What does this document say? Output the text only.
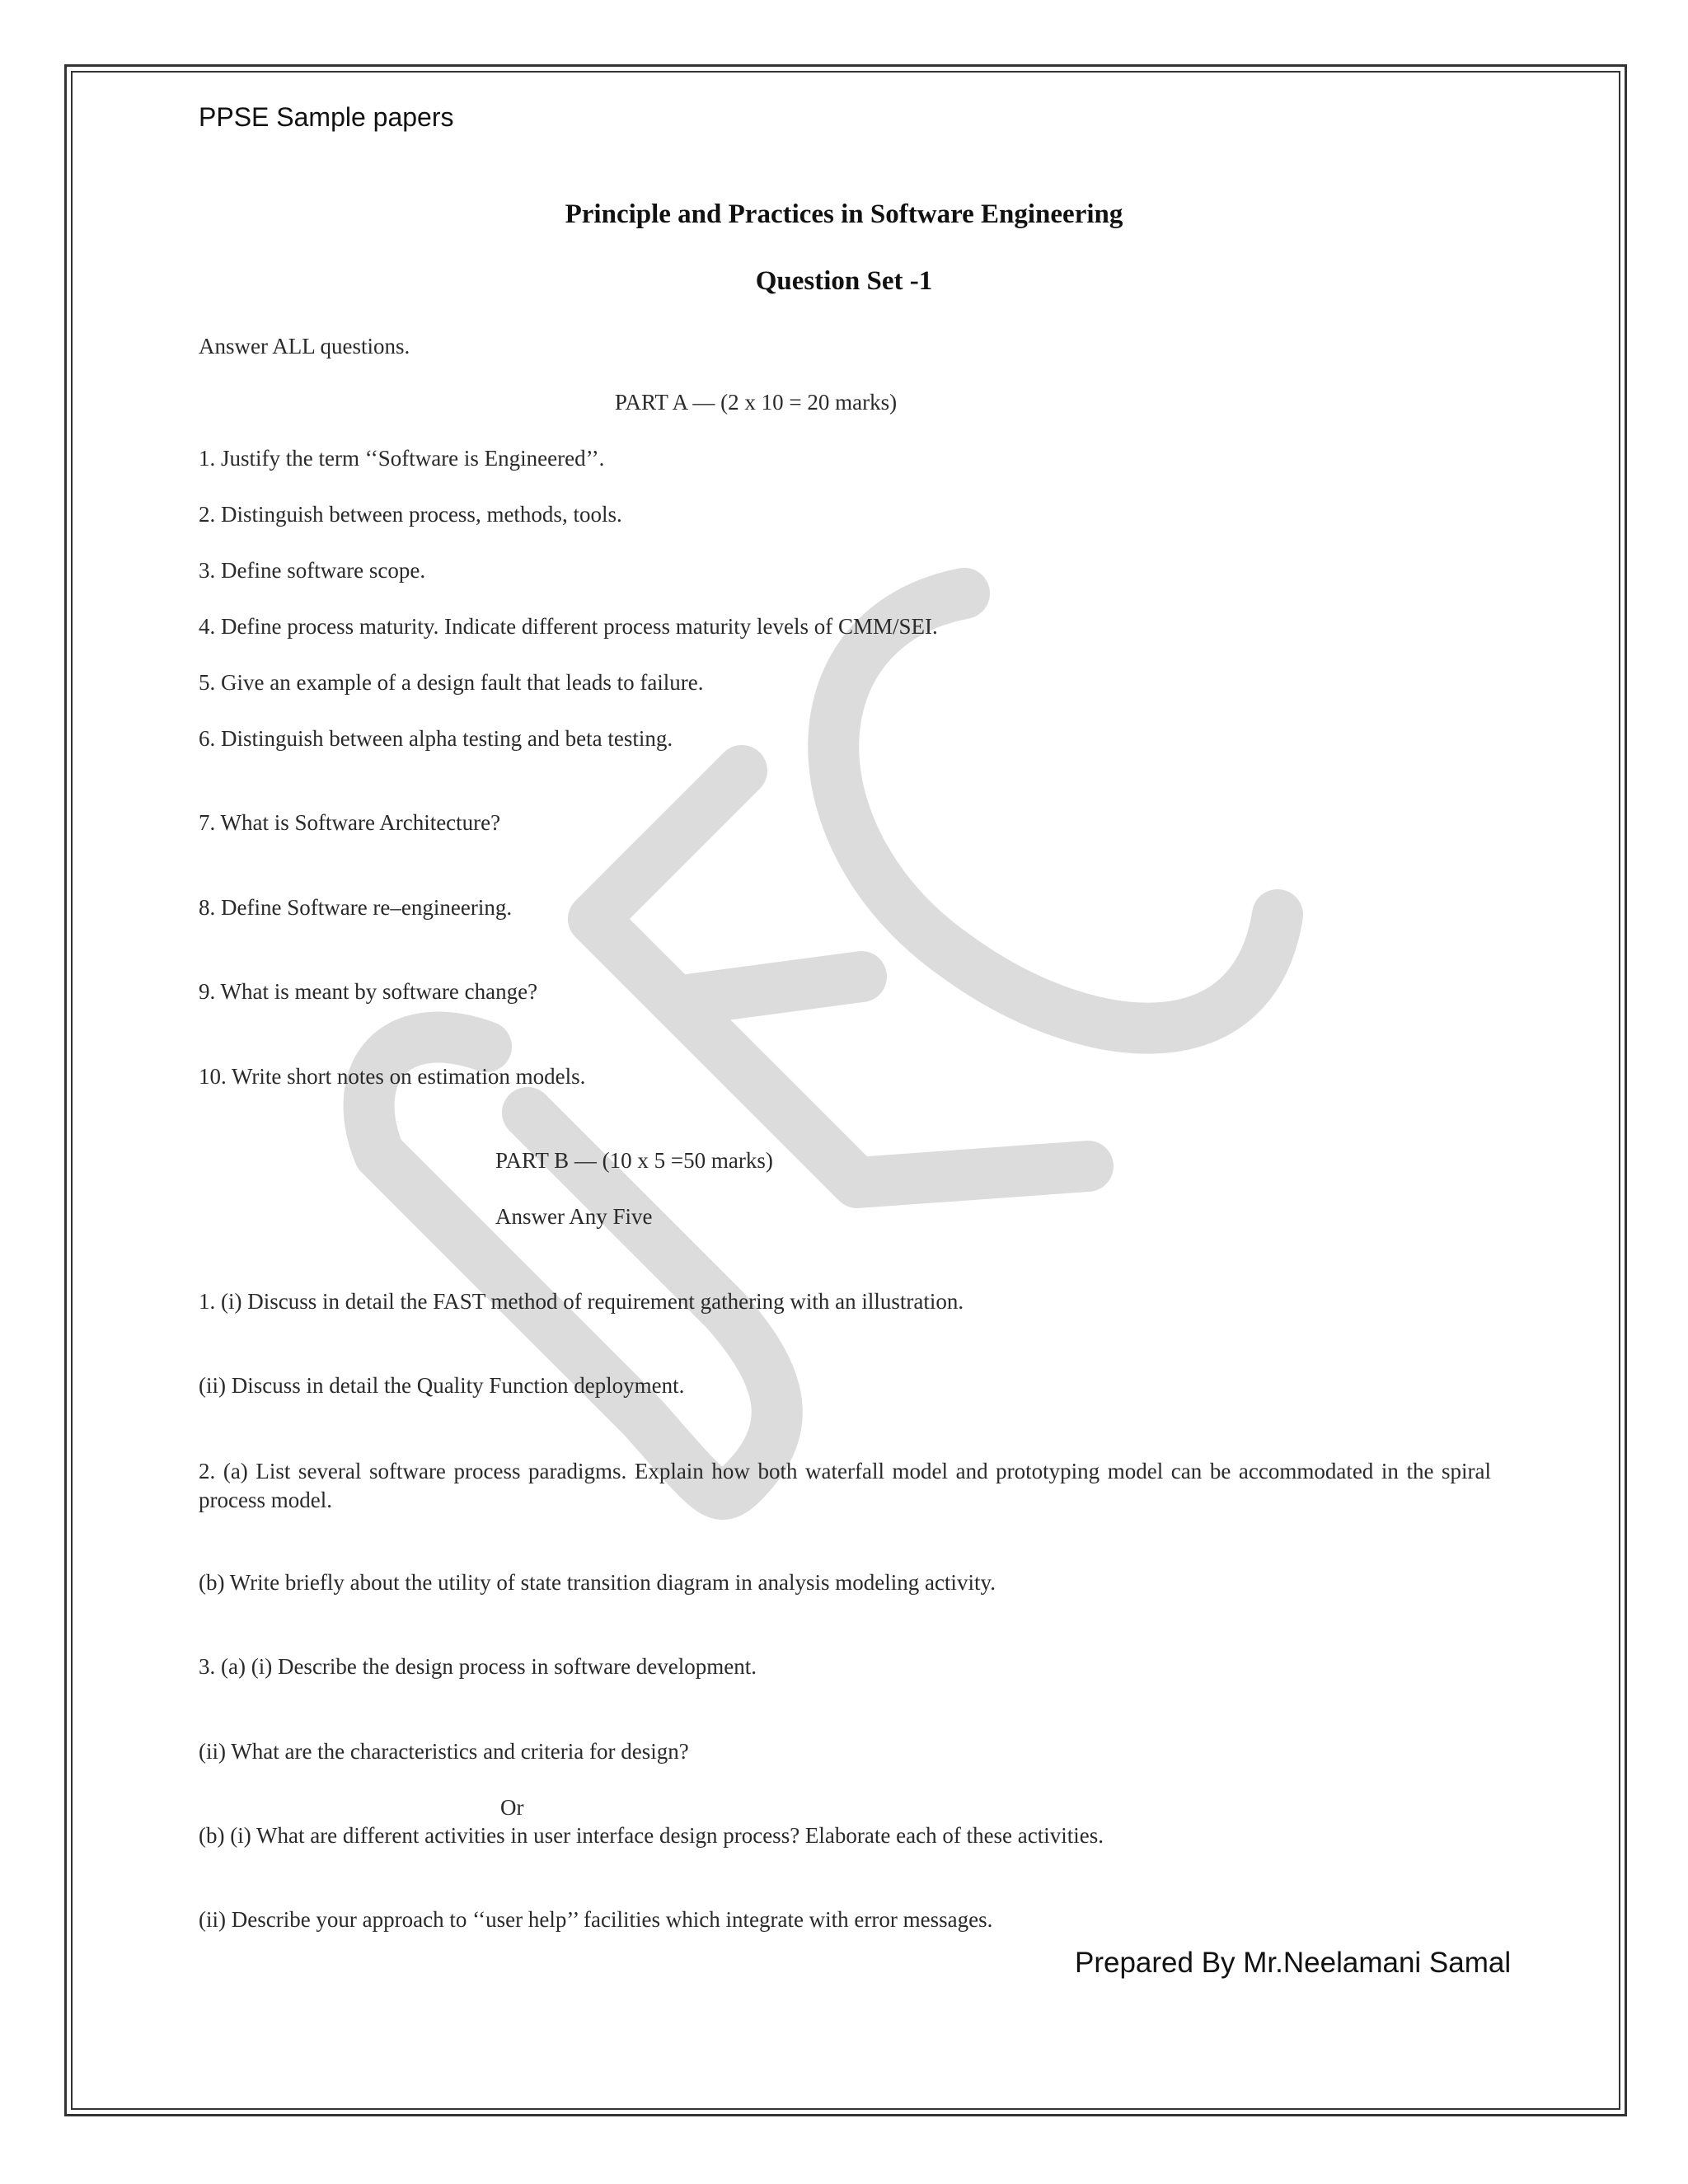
PPSE Sample papers
Principle and Practices in Software Engineering
Question Set -1
Answer ALL questions.
PART A — (2 x 10 = 20 marks)
1. Justify the term ‘‘Software is Engineered’’.
2. Distinguish between process, methods, tools.
3. Define software scope.
4. Define process maturity. Indicate different process maturity levels of CMM/SEI.
5. Give an example of a design fault that leads to failure.
6. Distinguish between alpha testing and beta testing.
7. What is Software Architecture?
8. Define Software re–engineering.
9. What is meant by software change?
10. Write short notes on estimation models.
PART B — (10 x 5 =50 marks)
Answer Any Five
1. (i) Discuss in detail the FAST method of requirement gathering with an illustration.
(ii) Discuss in detail the Quality Function deployment.
2. (a) List several software process paradigms. Explain how both waterfall model and prototyping model can be accommodated in the spiral process model.
(b) Write briefly about the utility of state transition diagram in analysis modeling activity.
3. (a) (i) Describe the design process in software development.
(ii) What are the characteristics and criteria for design?
Or
(b) (i) What are different activities in user interface design process? Elaborate each of these activities.
(ii) Describe your approach to ‘‘user help’’ facilities which integrate with error messages.
Prepared By Mr.Neelamani Samal
